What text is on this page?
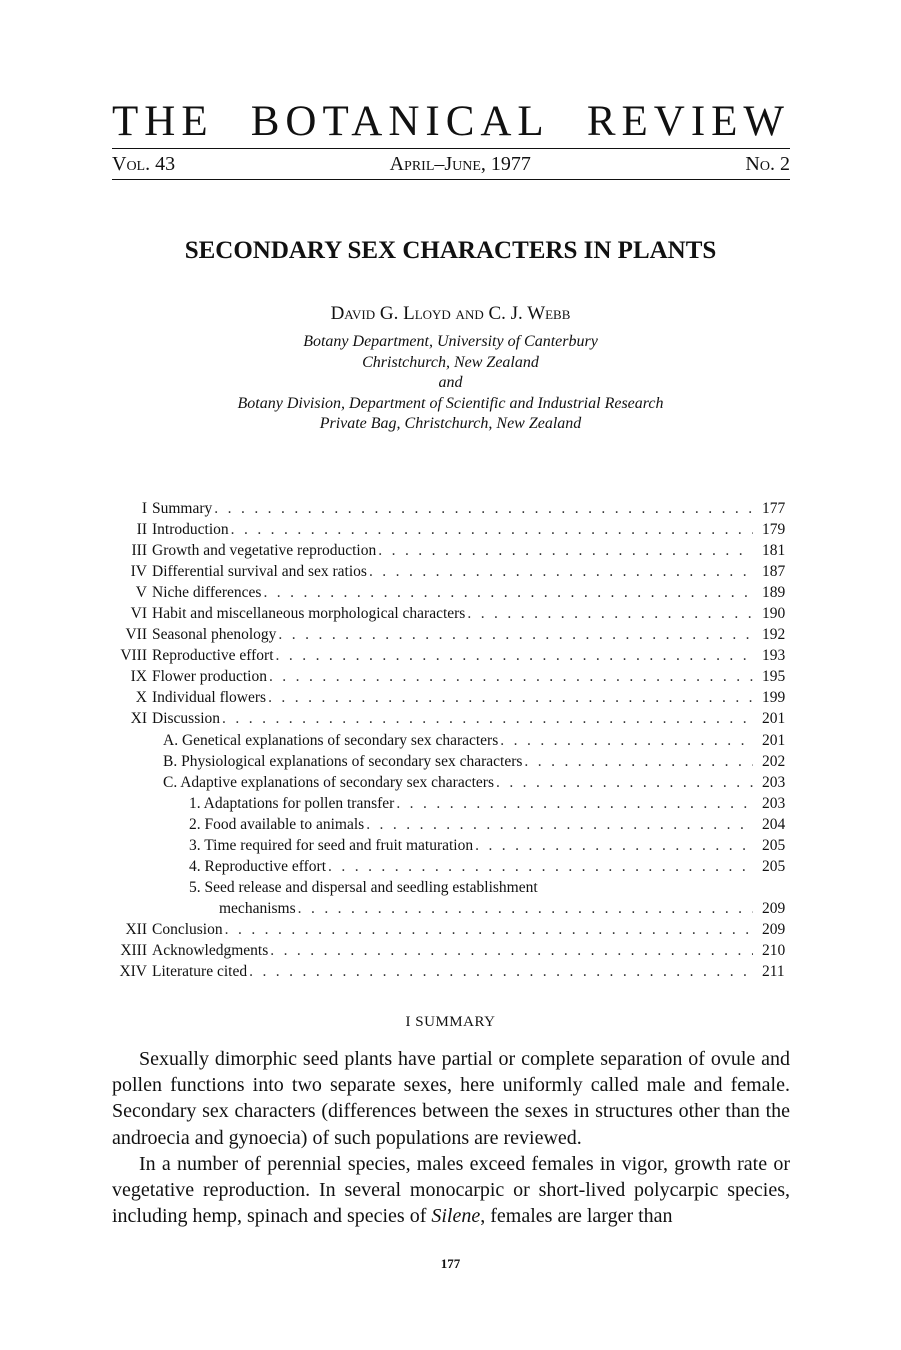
THE BOTANICAL REVIEW
Vol. 43	April–June, 1977	No. 2
SECONDARY SEX CHARACTERS IN PLANTS
David G. Lloyd and C. J. Webb
Botany Department, University of Canterbury
Christchurch, New Zealand
and
Botany Division, Department of Scientific and Industrial Research
Private Bag, Christchurch, New Zealand
I Summary . . .	177
II Introduction . . .	179
III Growth and vegetative reproduction . . .	181
IV Differential survival and sex ratios . . .	187
V Niche differences . . .	189
VI Habit and miscellaneous morphological characters . . .	190
VII Seasonal phenology . . .	192
VIII Reproductive effort . . .	193
IX Flower production . . .	195
X Individual flowers . . .	199
XI Discussion . . .	201
A. Genetical explanations of secondary sex characters . . .	201
B. Physiological explanations of secondary sex characters . . .	202
C. Adaptive explanations of secondary sex characters . . .	203
1. Adaptations for pollen transfer . . .	203
2. Food available to animals . . .	204
3. Time required for seed and fruit maturation . . .	205
4. Reproductive effort . . .	205
5. Seed release and dispersal and seedling establishment
mechanisms . . .	209
XII Conclusion . . .	209
XIII Acknowledgments . . .	210
XIV Literature cited . . .	211
I SUMMARY

Sexually dimorphic seed plants have partial or complete separation of ovule and pollen functions into two separate sexes, here uniformly called male and female. Secondary sex characters (differences between the sexes in structures other than the androecia and gynoecia) of such populations are reviewed.

In a number of perennial species, males exceed females in vigor, growth rate or vegetative reproduction. In several monocarpic or short-lived polycarpic species, including hemp, spinach and species of Silene, females are larger than

177
